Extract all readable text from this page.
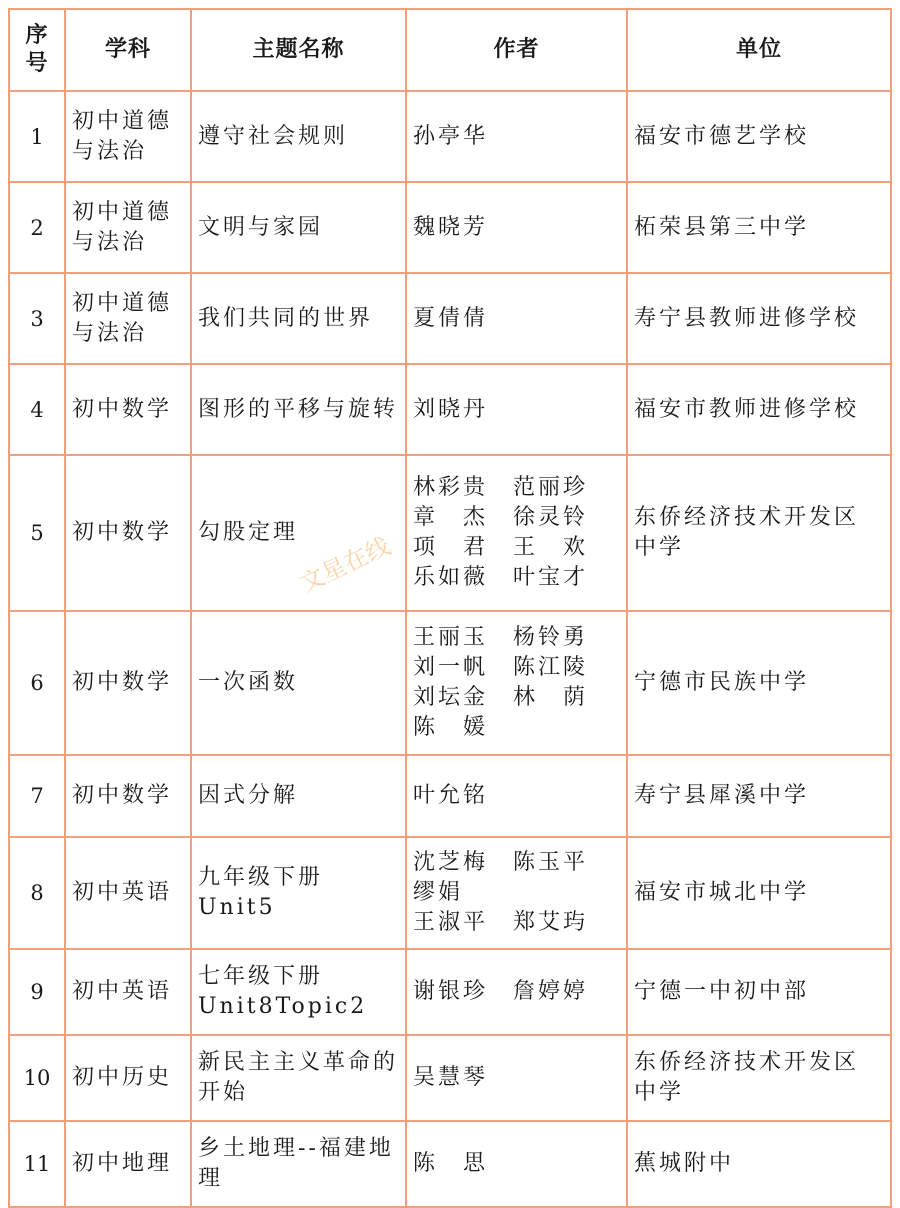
序
号	学科	主题名称	作者	单位
1	初中道德
与法治	遵守社会规则	孙亭华	福安市德艺学校
2	初中道德
与法治	文明与家园	魏晓芳	柘荣县第三中学
3	初中道德
与法治	我们共同的世界	夏倩倩	寿宁县教师进修学校
4	初中数学	图形的平移与旋转	刘晓丹	福安市教师进修学校
5	初中数学	勾股定理	林彩贵　范丽珍
章　杰　徐灵铃
项　君　王　欢
乐如薇　叶宝才	东侨经济技术开发区
中学
6	初中数学	一次函数	王丽玉　杨铃勇
刘一帆　陈江陵
刘坛金　林　荫
陈　媛	宁德市民族中学
7	初中数学	因式分解	叶允铭	寿宁县犀溪中学
8	初中英语	九年级下册Unit5	沈芝梅　陈玉平
缪娟
王淑平　郑艾玙	福安市城北中学
9	初中英语	七年级下册
Unit8Topic2	谢银珍　詹婷婷	宁德一中初中部
10	初中历史	新民主主义革命的
开始	吴慧琴	东侨经济技术开发区
中学
11	初中地理	乡土地理--福建地
理	陈　思	蕉城附中
文星在线
